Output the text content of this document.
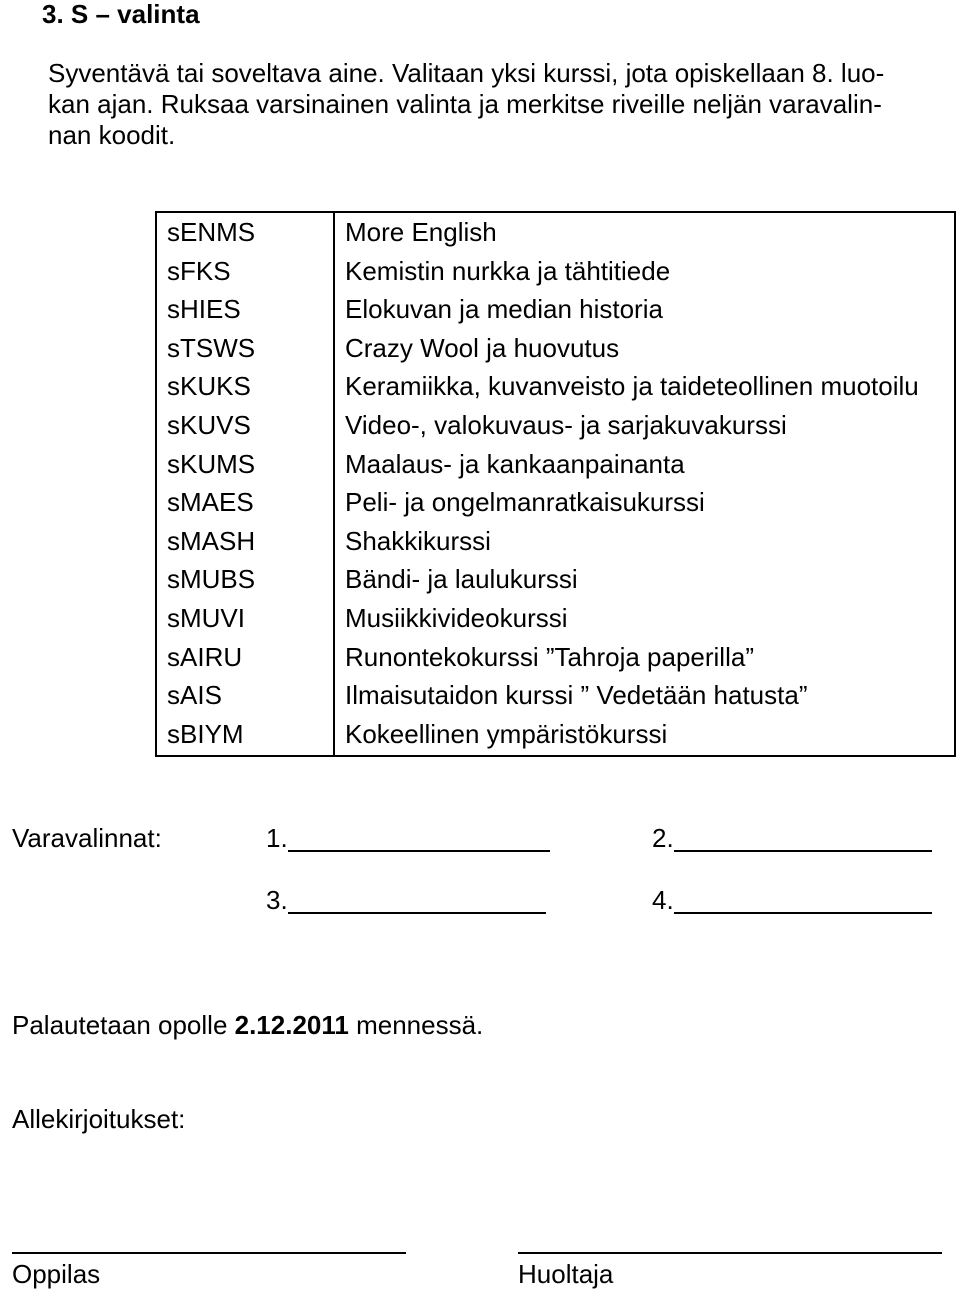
3. S – valinta
Syventävä tai soveltava aine. Valitaan yksi kurssi, jota opiskellaan 8. luo-
kan ajan. Ruksaa varsinainen valinta ja merkitse riveille neljän varavalin-
nan koodit.
sENMS	More English
sFKS	Kemistin nurkka ja tähtitiede
sHIES	Elokuvan ja median historia
sTSWS	Crazy Wool ja huovutus
sKUKS	Keramiikka, kuvanveisto ja taideteollinen muotoilu
sKUVS	Video-, valokuvaus- ja sarjakuvakurssi
sKUMS	Maalaus- ja kankaanpainanta
sMAES	Peli- ja ongelmanratkaisukurssi
sMASH	Shakkikurssi
sMUBS	Bändi- ja laulukurssi
sMUVI	Musiikkivideokurssi
sAIRU	Runontekokurssi ”Tahroja paperilla”
sAIS	Ilmaisutaidon kurssi ” Vedetään hatusta”
sBIYM	Kokeellinen ympäristökurssi
Varavalinnat:	1.	2.
3.	4.
Palautetaan opolle 2.12.2011 mennessä.
Allekirjoitukset:
Oppilas	Huoltaja
